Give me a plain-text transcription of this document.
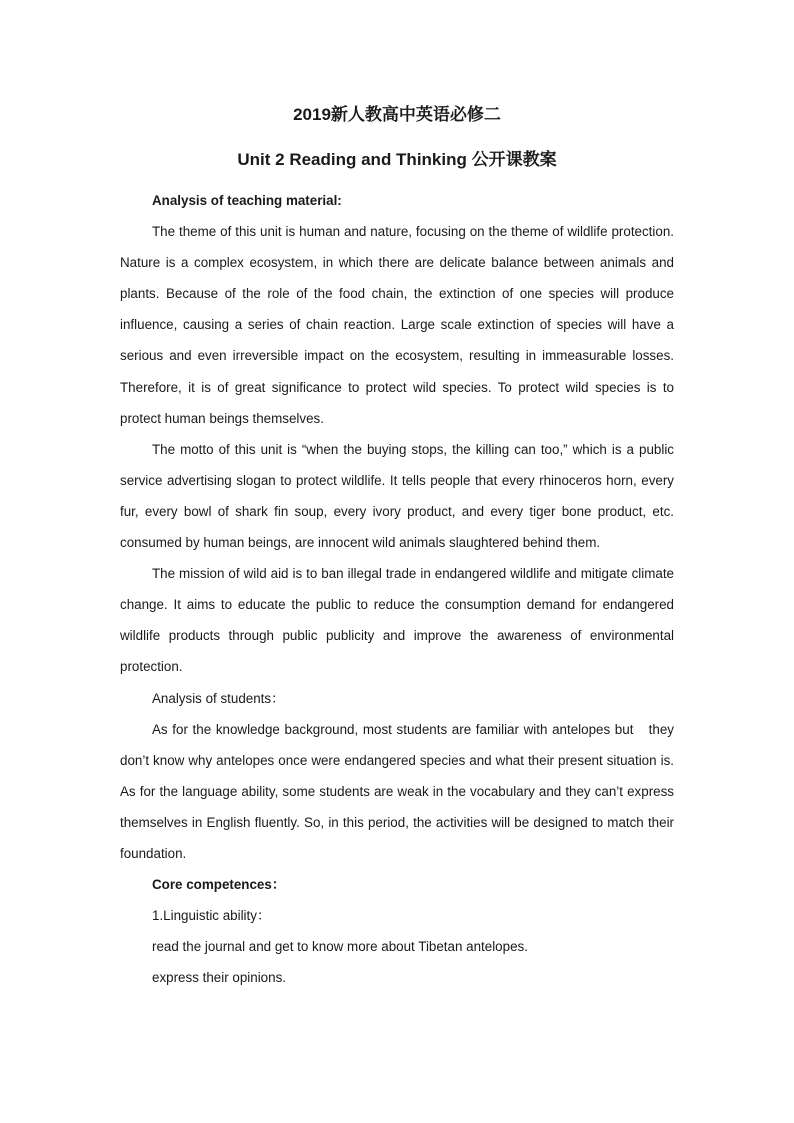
2019新人教高中英语必修二
Unit 2 Reading and Thinking 公开课教案

Analysis of teaching material:

The theme of this unit is human and nature, focusing on the theme of wildlife protection. Nature is a complex ecosystem, in which there are delicate balance between animals and plants. Because of the role of the food chain, the extinction of one species will produce influence, causing a series of chain reaction. Large scale extinction of species will have a serious and even irreversible impact on the ecosystem, resulting in immeasurable losses. Therefore, it is of great significance to protect wild species. To protect wild species is to protect human beings themselves.

The motto of this unit is “when the buying stops, the killing can too,” which is a public service advertising slogan to protect wildlife. It tells people that every rhinoceros horn, every fur, every bowl of shark fin soup, every ivory product, and every tiger bone product, etc. consumed by human beings, are innocent wild animals slaughtered behind them.

The mission of wild aid is to ban illegal trade in endangered wildlife and mitigate climate change. It aims to educate the public to reduce the consumption demand for endangered wildlife products through public publicity and improve the awareness of environmental protection.

Analysis of students：

As for the knowledge background, most students are familiar with antelopes but　they don’t know why antelopes once were endangered species and what their present situation is. As for the language ability, some students are weak in the vocabulary and they can’t express themselves in English fluently. So, in this period, the activities will be designed to match their foundation.

Core competences：

1.Linguistic ability：

read the journal and get to know more about Tibetan antelopes.

express their opinions.
